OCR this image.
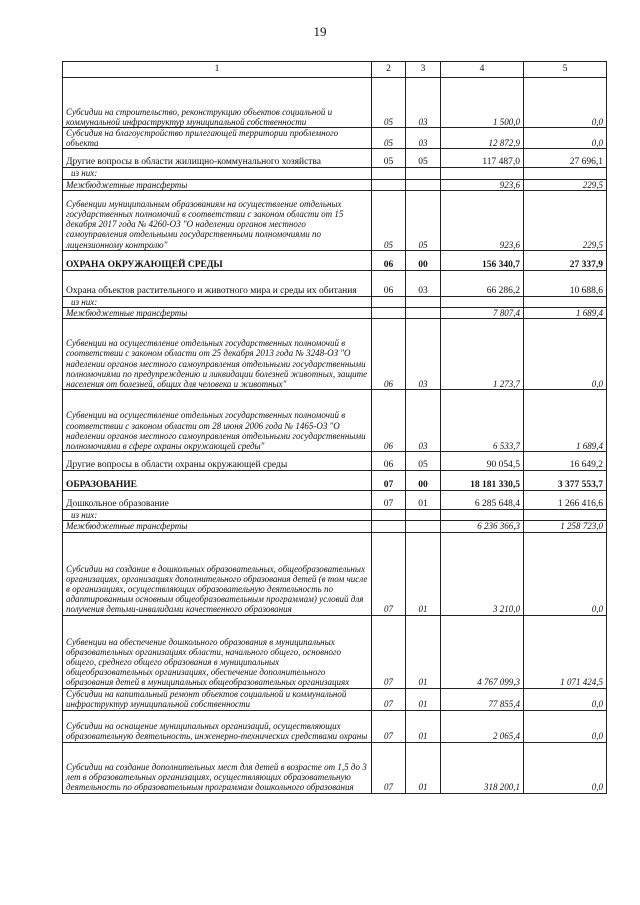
19
1	2	3	4	5
Субсидии на строительство, реконструкцию объектов социальной и коммунальной инфраструктур муниципальной собственности	05	03	1 500,0	0,0
Субсидия на благоустройство прилегающей территории проблемного объекта	05	03	12 872,9	0,0
Другие вопросы в области жилищно-коммунального хозяйства	05	05	117 487,0	27 696,1
из них:				
Межбюджетные трансферты			923,6	229,5
Субвенции муниципальным образованиям на осуществление отдельных государственных полномочий в соответствии с законом области от 15 декабря 2017 года № 4260-ОЗ "О наделении органов местного самоуправления отдельными государственными полномочиями по лицензионному контролю"	05	05	923,6	229,5
ОХРАНА ОКРУЖАЮЩЕЙ СРЕДЫ	06	00	156 340,7	27 337,9
Охрана объектов растительного и животного мира и среды их обитания	06	03	66 286,2	10 688,6
из них:				
Межбюджетные трансферты			7 807,4	1 689,4
Субвенции на осуществление отдельных государственных полномочий в соответствии с законом области от 25 декабря 2013 года № 3248-ОЗ "О наделении органов местного самоуправления отдельными государственными полномочиями по предупреждению и ликвидации болезней животных, защите населения от болезней, общих для человека и животных"	06	03	1 273,7	0,0
Субвенции на осуществление отдельных государственных полномочий в соответствии с законом области от 28 июня 2006 года № 1465-ОЗ "О наделении органов местного самоуправления отдельными государственными полномочиями в сфере охраны окружающей среды"	06	03	6 533,7	1 689,4
Другие вопросы в области охраны окружающей среды	06	05	90 054,5	16 649,2
ОБРАЗОВАНИЕ	07	00	18 181 330,5	3 377 553,7
Дошкольное образование	07	01	6 285 648,4	1 266 416,6
из них:				
Межбюджетные трансферты			6 236 366,3	1 258 723,0
Субсидии на создание в дошкольных образовательных, общеобразовательных организациях, организациях дополнительного образования детей (в том числе в организациях, осуществляющих образовательную деятельность по адаптированным основным общеобразовательным программам) условий для получения детьми-инвалидами качественного образования	07	01	3 210,0	0,0
Субвенции на обеспечение дошкольного образования в муниципальных образовательных организациях области, начального общего, основного общего, среднего общего образования в муниципальных общеобразовательных организациях, обеспечение дополнительного образования детей в муниципальных общеобразовательных организациях	07	01	4 767 099,3	1 071 424,5
Субсидии на капитальный ремонт объектов социальной и коммунальной инфраструктур муниципальной собственности	07	01	77 855,4	0,0
Субсидии на оснащение муниципальных организаций, осуществляющих образовательную деятельность, инженерно-технических средствами охраны	07	01	2 065,4	0,0
Субсидии на создание дополнительных мест для детей в возрасте от 1,5 до 3 лет в образовательных организациях, осуществляющих образовательную деятельность по образовательным программам дошкольного образования	07	01	318 200,1	0,0
